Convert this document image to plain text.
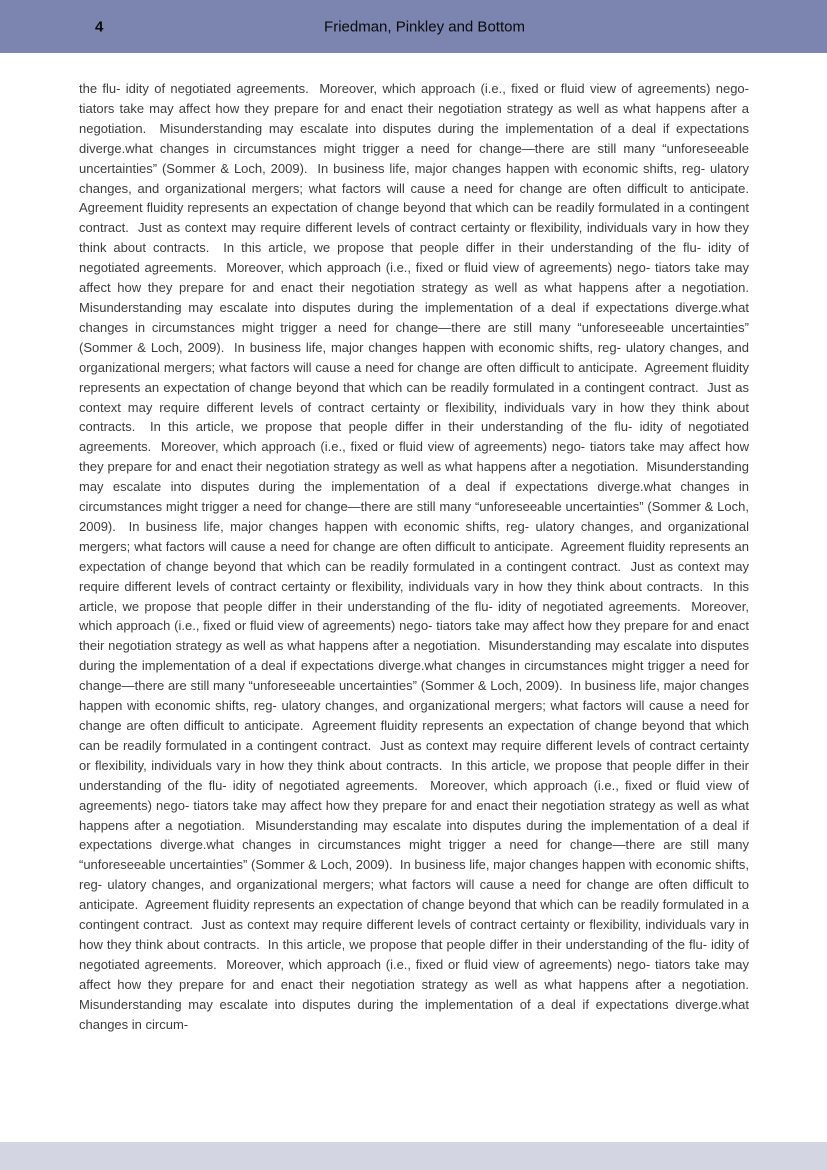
4	Friedman, Pinkley and Bottom
the flu- idity of negotiated agreements.  Moreover, which approach (i.e., fixed or fluid view of agreements) nego- tiators take may affect how they prepare for and enact their negotiation strategy as well as what happens after a negotiation.  Misunderstanding may escalate into disputes during the implementation of a deal if expectations diverge.what changes in circumstances might trigger a need for change—there are still many “unforeseeable uncertainties” (Sommer & Loch, 2009).  In business life, major changes happen with economic shifts, reg- ulatory changes, and organizational mergers; what factors will cause a need for change are often difficult to anticipate.  Agreement fluidity represents an expectation of change beyond that which can be readily formulated in a contingent contract.  Just as context may require different levels of contract certainty or flexibility, individuals vary in how they think about contracts.  In this article, we propose that people differ in their understanding of the flu- idity of negotiated agreements.  Moreover, which approach (i.e., fixed or fluid view of agreements) nego- tiators take may affect how they prepare for and enact their negotiation strategy as well as what happens after a negotiation.  Misunderstanding may escalate into disputes during the implementation of a deal if expectations diverge.what changes in circumstances might trigger a need for change—there are still many “unforeseeable uncertainties” (Sommer & Loch, 2009).  In business life, major changes happen with economic shifts, reg- ulatory changes, and organizational mergers; what factors will cause a need for change are often difficult to anticipate.  Agreement fluidity represents an expectation of change beyond that which can be readily formulated in a contingent contract.  Just as context may require different levels of contract certainty or flexibility, individuals vary in how they think about contracts.  In this article, we propose that people differ in their understanding of the flu- idity of negotiated agreements.  Moreover, which approach (i.e., fixed or fluid view of agreements) nego- tiators take may affect how they prepare for and enact their negotiation strategy as well as what happens after a negotiation.  Misunderstanding may escalate into disputes during the implementation of a deal if expectations diverge.what changes in circumstances might trigger a need for change—there are still many “unforeseeable uncertainties” (Sommer & Loch, 2009).  In business life, major changes happen with economic shifts, reg- ulatory changes, and organizational mergers; what factors will cause a need for change are often difficult to anticipate.  Agreement fluidity represents an expectation of change beyond that which can be readily formulated in a contingent contract.  Just as context may require different levels of contract certainty or flexibility, individuals vary in how they think about contracts.  In this article, we propose that people differ in their understanding of the flu- idity of negotiated agreements.  Moreover, which approach (i.e., fixed or fluid view of agreements) nego- tiators take may affect how they prepare for and enact their negotiation strategy as well as what happens after a negotiation.  Misunderstanding may escalate into disputes during the implementation of a deal if expectations diverge.what changes in circumstances might trigger a need for change—there are still many “unforeseeable uncertainties” (Sommer & Loch, 2009).  In business life, major changes happen with economic shifts, reg- ulatory changes, and organizational mergers; what factors will cause a need for change are often difficult to anticipate.  Agreement fluidity represents an expectation of change beyond that which can be readily formulated in a contingent contract.  Just as context may require different levels of contract certainty or flexibility, individuals vary in how they think about contracts.  In this article, we propose that people differ in their understanding of the flu- idity of negotiated agreements.  Moreover, which approach (i.e., fixed or fluid view of agreements) nego- tiators take may affect how they prepare for and enact their negotiation strategy as well as what happens after a negotiation.  Misunderstanding may escalate into disputes during the implementation of a deal if expectations diverge.what changes in circumstances might trigger a need for change—there are still many “unforeseeable uncertainties” (Sommer & Loch, 2009).  In business life, major changes happen with economic shifts, reg- ulatory changes, and organizational mergers; what factors will cause a need for change are often difficult to anticipate.  Agreement fluidity represents an expectation of change beyond that which can be readily formulated in a contingent contract.  Just as context may require different levels of contract certainty or flexibility, individuals vary in how they think about contracts.  In this article, we propose that people differ in their understanding of the flu- idity of negotiated agreements.  Moreover, which approach (i.e., fixed or fluid view of agreements) nego- tiators take may affect how they prepare for and enact their negotiation strategy as well as what happens after a negotiation.  Misunderstanding may escalate into disputes during the implementation of a deal if expectations diverge.what changes in circum-
